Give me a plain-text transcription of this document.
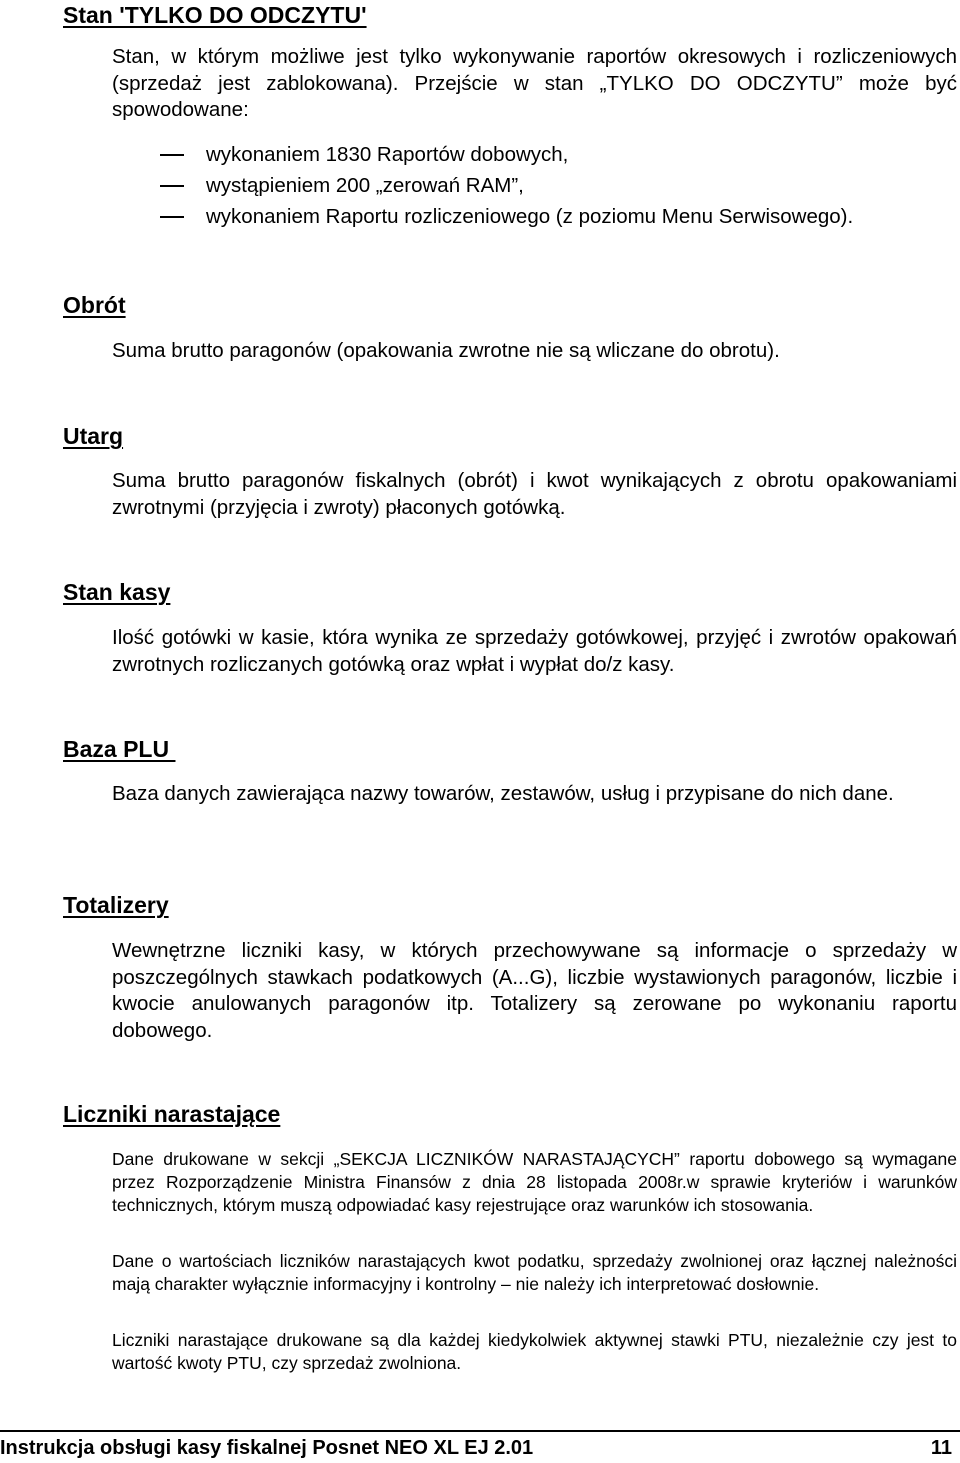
Stan 'TYLKO DO ODCZYTU'

Stan, w którym możliwe jest tylko wykonywanie raportów okresowych i rozliczeniowych (sprzedaż jest zablokowana). Przejście w stan „TYLKO DO ODCZYTU” może być spowodowane:

wykonaniem 1830 Raportów dobowych,
wystąpieniem 200 „zerowań RAM”,
wykonaniem Raportu rozliczeniowego (z poziomu Menu Serwisowego).
Obrót

Suma brutto paragonów (opakowania zwrotne nie są wliczane do obrotu).

Utarg

Suma brutto paragonów fiskalnych (obrót) i kwot wynikających z obrotu opakowaniami zwrotnymi (przyjęcia i zwroty) płaconych gotówką.

Stan kasy

Ilość gotówki w kasie, która wynika ze sprzedaży gotówkowej, przyjęć i zwrotów opakowań zwrotnych rozliczanych gotówką oraz wpłat i wypłat do/z kasy.

Baza PLU

Baza danych zawierająca nazwy towarów, zestawów, usług i przypisane do nich dane.

Totalizery

Wewnętrzne liczniki kasy, w których przechowywane są informacje o sprzedaży w poszczególnych stawkach podatkowych (A...G), liczbie wystawionych paragonów, liczbie i kwocie anulowanych paragonów itp. Totalizery są zerowane po wykonaniu raportu dobowego.

Liczniki narastające

Dane drukowane w sekcji „SEKCJA LICZNIKÓW NARASTAJĄCYCH” raportu dobowego są wymagane przez Rozporządzenie Ministra Finansów z dnia 28 listopada 2008r.w sprawie kryteriów i warunków technicznych, którym muszą odpowiadać kasy rejestrujące oraz warunków ich stosowania.

Dane o wartościach liczników narastających kwot podatku, sprzedaży zwolnionej oraz łącznej należności mają charakter wyłącznie informacyjny i kontrolny – nie należy ich interpretować dosłownie.

Liczniki narastające drukowane są dla każdej kiedykolwiek aktywnej stawki PTU, niezależnie czy jest to wartość kwoty PTU, czy sprzedaż zwolniona.

Instrukcja obsługi kasy fiskalnej Posnet NEO XL EJ 2.01	11
